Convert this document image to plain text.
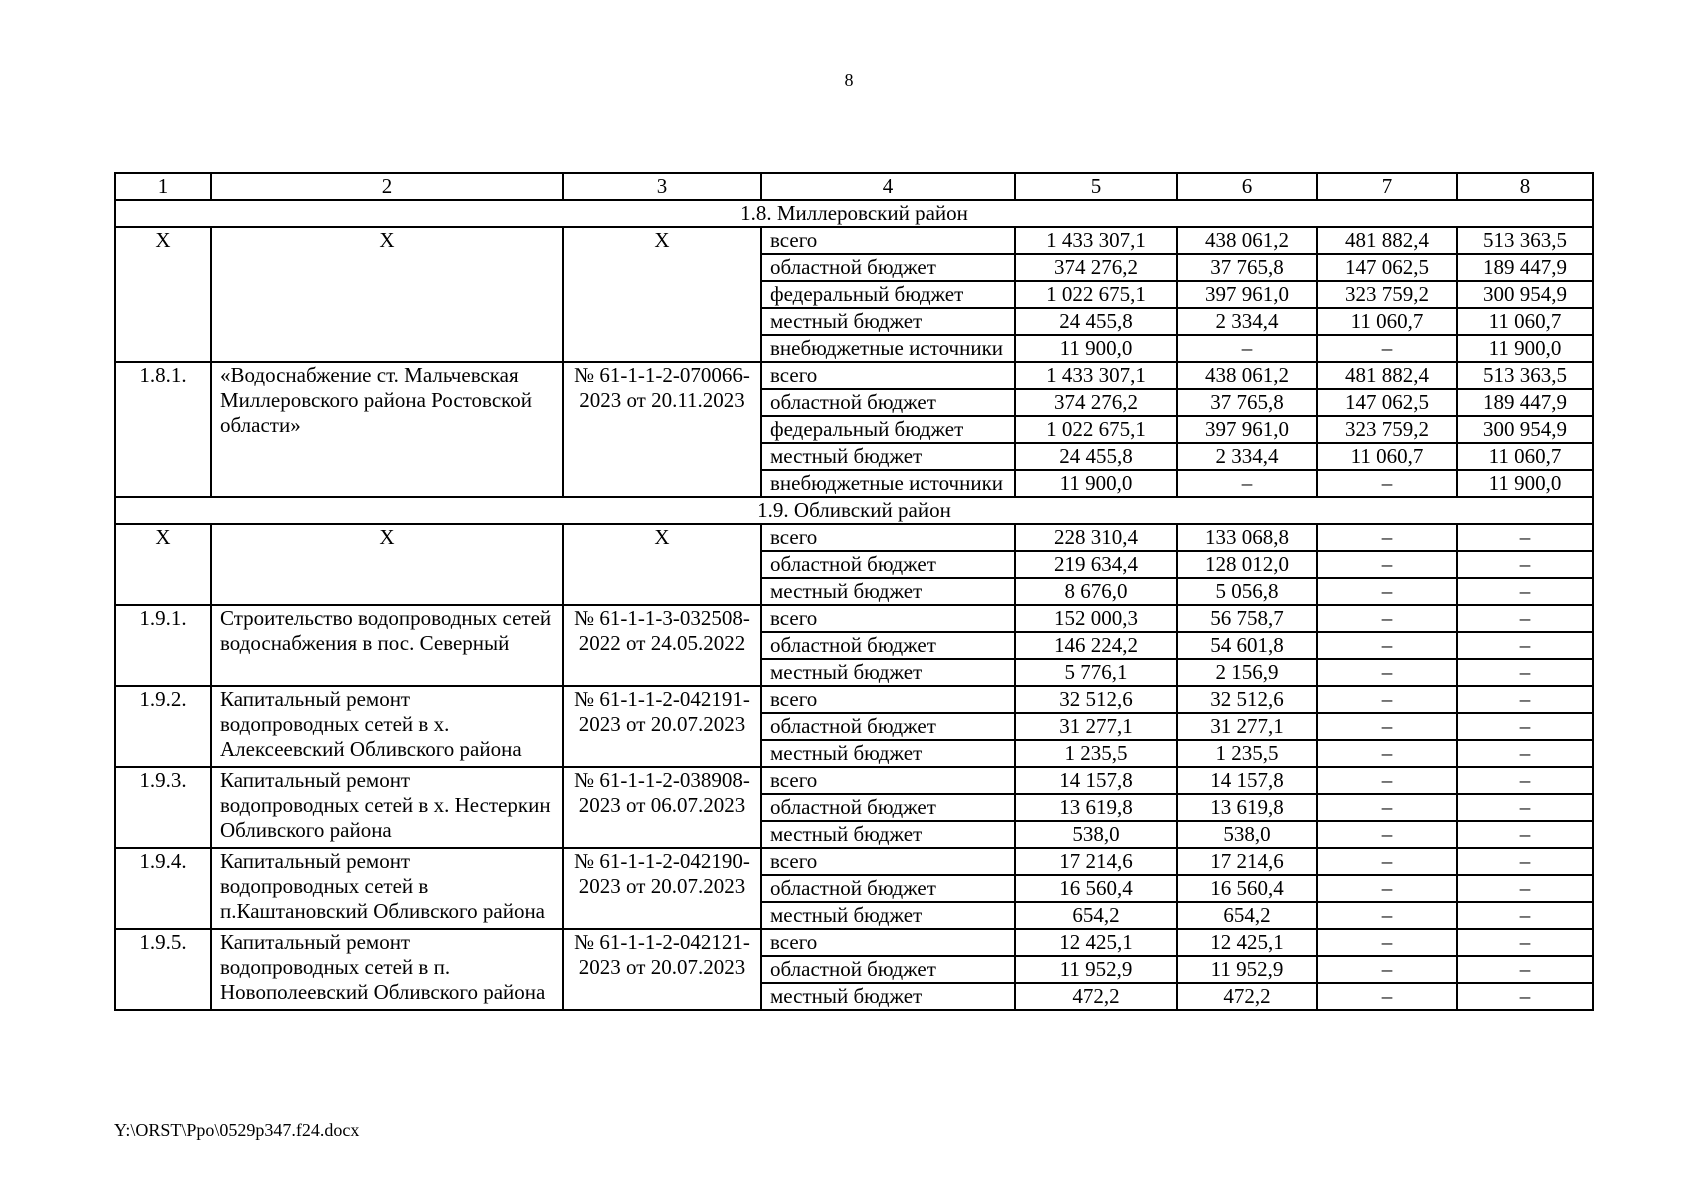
8
1	2	3	4	5	6	7	8
1.8. Миллеровский район							
Х	Х	Х	всего	1 433 307,1	438 061,2	481 882,4	513 363,5
			областной бюджет	374 276,2	37 765,8	147 062,5	189 447,9
			федеральный бюджет	1 022 675,1	397 961,0	323 759,2	300 954,9
			местный бюджет	24 455,8	2 334,4	11 060,7	11 060,7
			внебюджетные источники	11 900,0	–	–	11 900,0
1.8.1.	«Водоснабжение ст. Мальчевская Миллеровского района Ростовской области»	№ 61-1-1-2-070066-2023 от 20.11.2023	всего	1 433 307,1	438 061,2	481 882,4	513 363,5
			областной бюджет	374 276,2	37 765,8	147 062,5	189 447,9
			федеральный бюджет	1 022 675,1	397 961,0	323 759,2	300 954,9
			местный бюджет	24 455,8	2 334,4	11 060,7	11 060,7
			внебюджетные источники	11 900,0	–	–	11 900,0
1.9. Обливский район							
Х	Х	Х	всего	228 310,4	133 068,8	–	–
			областной бюджет	219 634,4	128 012,0	–	–
			местный бюджет	8 676,0	5 056,8	–	–
1.9.1.	Строительство водопроводных сетей водоснабжения в пос. Северный	№ 61-1-1-3-032508-2022 от 24.05.2022	всего	152 000,3	56 758,7	–	–
			областной бюджет	146 224,2	54 601,8	–	–
			местный бюджет	5 776,1	2 156,9	–	–
1.9.2.	Капитальный ремонт водопроводных сетей в х. Алексеевский Обливского района	№ 61-1-1-2-042191-2023 от 20.07.2023	всего	32 512,6	32 512,6	–	–
			областной бюджет	31 277,1	31 277,1	–	–
			местный бюджет	1 235,5	1 235,5	–	–
1.9.3.	Капитальный ремонт водопроводных сетей в х. Нестеркин Обливского района	№ 61-1-1-2-038908-2023 от 06.07.2023	всего	14 157,8	14 157,8	–	–
			областной бюджет	13 619,8	13 619,8	–	–
			местный бюджет	538,0	538,0	–	–
1.9.4.	Капитальный ремонт водопроводных сетей в п.Каштановский Обливского района	№ 61-1-1-2-042190-2023 от 20.07.2023	всего	17 214,6	17 214,6	–	–
			областной бюджет	16 560,4	16 560,4	–	–
			местный бюджет	654,2	654,2	–	–
1.9.5.	Капитальный ремонт водопроводных сетей в п. Новополеевский Обливского района	№ 61-1-1-2-042121-2023 от 20.07.2023	всего	12 425,1	12 425,1	–	–
			областной бюджет	11 952,9	11 952,9	–	–
			местный бюджет	472,2	472,2	–	–
Y:\ORST\Ppo\0529p347.f24.docx
